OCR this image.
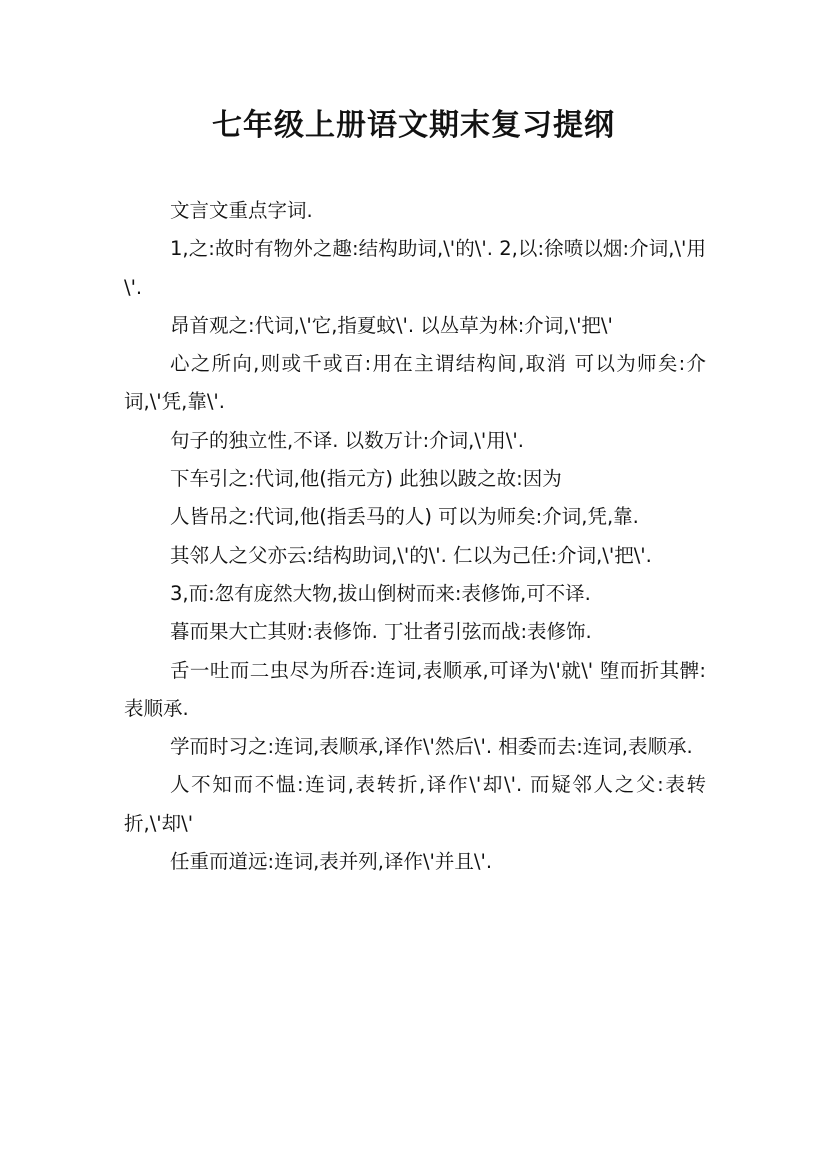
七年级上册语文期末复习提纲

文言文重点字词.

1,之:故时有物外之趣:结构助词,\'的\'. 2,以:徐喷以烟:介词,\'用\'.

昂首观之:代词,\'它,指夏蚊\'. 以丛草为林:介词,\'把\'

心之所向,则或千或百:用在主谓结构间,取消 可以为师矣:介词,\'凭,靠\'.

句子的独立性,不译. 以数万计:介词,\'用\'.

下车引之:代词,他(指元方) 此独以跛之故:因为

人皆吊之:代词,他(指丢马的人) 可以为师矣:介词,凭,靠.

其邻人之父亦云:结构助词,\'的\'. 仁以为己任:介词,\'把\'.

3,而:忽有庞然大物,拔山倒树而来:表修饰,可不译.

暮而果大亡其财:表修饰. 丁壮者引弦而战:表修饰.

舌一吐而二虫尽为所吞:连词,表顺承,可译为\'就\' 堕而折其髀:表顺承.

学而时习之:连词,表顺承,译作\'然后\'. 相委而去:连词,表顺承.

人不知而不愠:连词,表转折,译作\'却\'. 而疑邻人之父:表转折,\'却\'

任重而道远:连词,表并列,译作\'并且\'.
